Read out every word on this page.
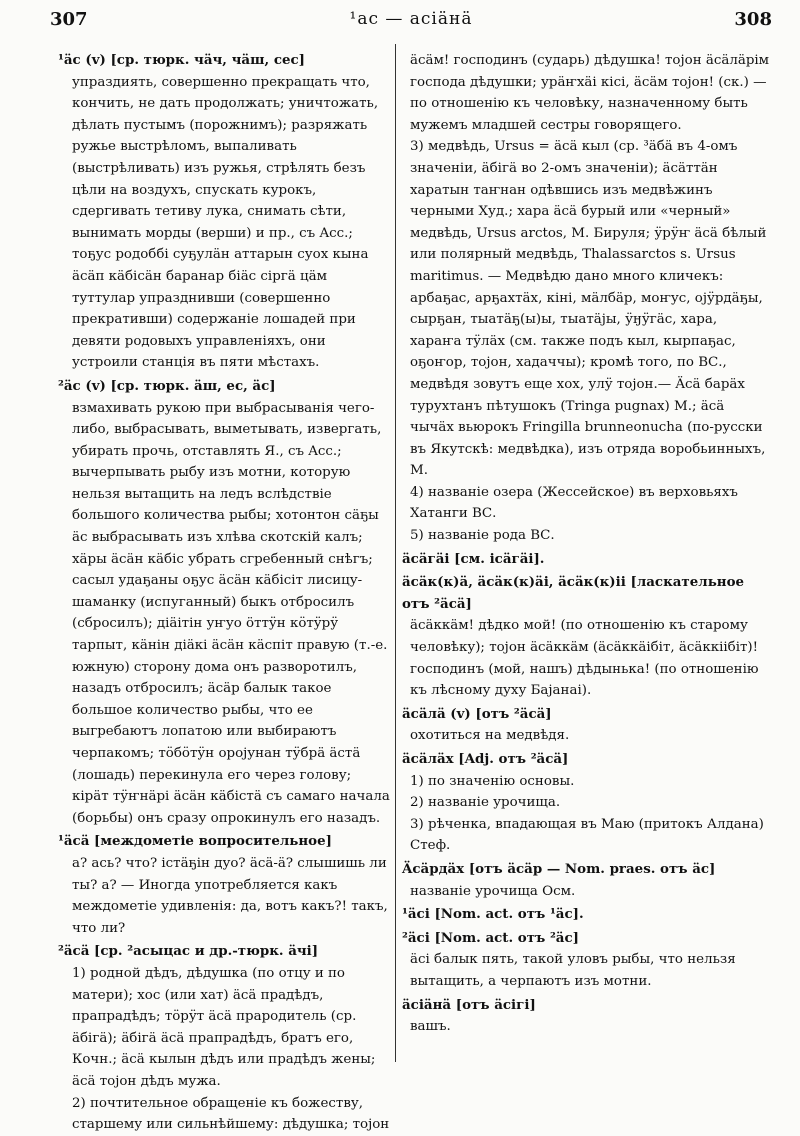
307	¹ас — асiäнä	308
¹äс (v) [ср. тюрк. чäч, чäш, сес]

упраздиять, совершенно прекращать что, кончить, не дать продолжать; уничтожать, дѣлать пустымъ (порожнимъ); разряжать ружье выстрѣломъ, выпаливать (выстрѣливать) изъ ружья, стрѣлять безъ цѣли на воздухъ, спускать курокъ, сдергивать тетиву лука, снимать сѣти, вынимать морды (верши) и пр., съ Acc.; тоҕус родоббi суҕулäн аттарын суох кына äсäп кäбiсäн баранар бiäс сiргä цäм туттулар упразднивши (совершенно прекративши) содержаніе лошадей при девяти родовыхъ управленіяхъ, они устроили станція въ пяти мѣстахъ.

²äс (v) [ср. тюрк. äш, ес, äс]

взмахивать рукою при выбрасыванія чего-либо, выбрасывать, выметывать, извергать, убирать прочь, отставлять Я., съ Acc.; вычерпывать рыбу изъ мотни, которую нельзя вытащить на ледъ вслѣдствіе большого количества рыбы; хотонтон сäҕы äс выбрасывать изъ хлѣва скотскій калъ; хäры äсäн кäбiс убрать сгребенный снѣгъ; сасыл удаҕаны оҕус äсäн кäбiсiт лисицу-шаманку (испуганный) быкъ отбросилъ (сбросилъ); дiäiтiн уҥуо öттӱн кӧтӱрӱ тарпыт, кäнiн дiäкi äсäн кäспiт правую (т.-е. южную) сторону дома онъ разворотилъ, назадъ отбросилъ; äсäр балык такое большое количество рыбы, что ее выгребаютъ лопатою или выбираютъ черпакомъ; тӧбӧтӱн орojунан тӱбрä äстä (лошадь) перекинула его через голову; кiрäт тӱҥнäрi äсäн кäбiстä съ самаго начала (борьбы) онъ сразу опрокинулъ его назадъ.

¹äсä [междометіе вопросительное]

а? ась? что? iстäҕiн дуо? äсä-ä? слышишь ли ты? а? — Иногда употребляется какъ междометіе удивленія: да, вотъ какъ?! такъ, что ли?

²äсä [ср. ²асыцас и др.-тюрк. äчi]

1) родной дѣдъ, дѣдушка (по отцу и по матери); хос (или хат) äсä прадѣдъ, прапрадѣдъ; тӧрӱт äсä прародитель (ср. äбiгä); äбiгä äсä прапрадѣдъ, братъ его, Кочн.; äсä кылын дѣдъ или прадѣдъ жены; äсä тojон дѣдъ мужа.

2) почтительное обращеніе къ божеству, старшему или сильнѣйшему: дѣдушка; тojон

äсäм! господинъ (сударь) дѣдушка! тojон äсäлäрiм господа дѣдушки; урäҥхäi кiсi, äсäм тojон! (ск.) — по отношенію къ человѣку, назначенному быть мужемъ младшей сестры говорящего.

3) медвѣдь, Ursus = äсä кыл (ср. ³äбä въ 4-омъ значеніи, äбiгä во 2-омъ значеніи); äсäттäн харатын таҥнан одѣвшись изъ медвѣжинъ черными Худ.; хара äсä бурый или «черный» медвѣдь, Ursus arctos, М. Бируля; ӱрӱҥ äсä бѣлый или полярный медвѣдь, Thalassarctos s. Ursus maritimus. — Медвѣдю дано много кличекъ: арбаҕас, арҕахтäх, кiнi, мäлбäр, моҥус, ojӱрдäҕы, сырҕан, тыатäҕ(ы)ы, тыатäjы, ӱӈӱгäс, хара, хараҥа тӱлäх (см. также подъ кыл, кырпаҕас, оҕоҥор, тojон, хадаччы); кромѣ того, по ВС., медвѣдя зовутъ еще хох, улӱ тojон.— Äсä барäх турухтанъ пѣтушокъ (Tringa pugnax) М.; äсä чычäх вьюрокъ Fringilla brunneonucha (по-русски въ Якутскѣ: медвѣдка), изъ отряда воробьинныхъ, М.

4) названіе озера (Жессейское) въ верховьяхъ Хатанги ВС.

5) названіе рода ВС.

äсäгäi [см. iсäгäi].
äсäк(к)ä, äсäк(к)äi, äсäк(к)ii [ласкательное отъ ²äсä]

äсäккäм! дѣдко мой! (по отношенію къ старому человѣку); тojон äсäккäм (äсäккäiбiт, äсäккiiбiт)! господинъ (мой, нашъ) дѣдынька! (по отношенію къ лѣсному духу Баjанаi).

äсäлä (v) [отъ ²äсä]

охотиться на медвѣдя.

äсäлäх [Adj. отъ ²äсä]

1) по значенію основы.

2) названіе урочища.

3) рѣченка, впадающая въ Маю (притокъ Алдана) Стеф.

Äсäрдäх [отъ äсäр — Nom. praes. отъ äс]

названіе урочища Осм.

¹äсi [Nom. act. отъ ¹äс].
²äсi [Nom. act. отъ ²äс]

äсi балык пять, такой уловъ рыбы, что нельзя вытащить, а черпаютъ изъ мотни.

äсiäнä [отъ äсiгi]

вашъ.
